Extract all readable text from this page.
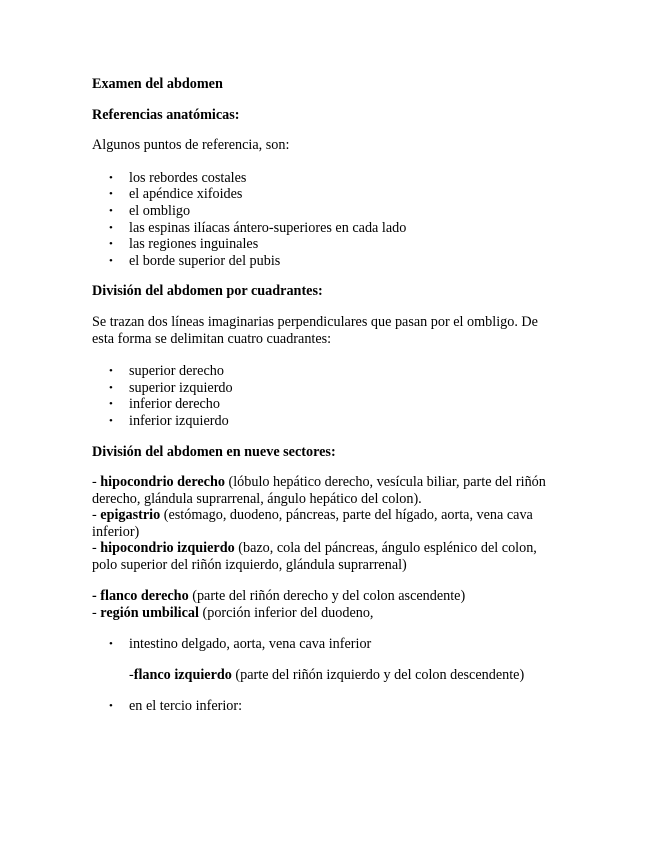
Examen del abdomen

Referencias anatómicas:

Algunos puntos de referencia, son:

• los rebordes costales
• el apéndice xifoides
• el ombligo
• las espinas ilíacas ántero-superiores en cada lado
• las regiones inguinales
• el borde superior del pubis

División del abdomen por cuadrantes:

Se trazan dos líneas imaginarias perpendiculares que pasan por el ombligo. De
esta forma se delimitan cuatro cuadrantes:

• superior derecho
• superior izquierdo
• inferior derecho
• inferior izquierdo

División del abdomen en nueve sectores:

- hipocondrio derecho (lóbulo hepático derecho, vesícula biliar, parte del riñón
derecho, glándula suprarrenal, ángulo hepático del colon).

- epigastrio (estómago, duodeno, páncreas, parte del hígado, aorta, vena cava
inferior)

- hipocondrio izquierdo (bazo, cola del páncreas, ángulo esplénico del colon,
polo superior del riñón izquierdo, glándula suprarrenal)

- flanco derecho (parte del riñón derecho y del colon ascendente)

- región umbilical (porción inferior del duodeno,

• intestino delgado, aorta, vena cava inferior

-flanco izquierdo (parte del riñón izquierdo y del colon descendente)

• en el tercio inferior:
